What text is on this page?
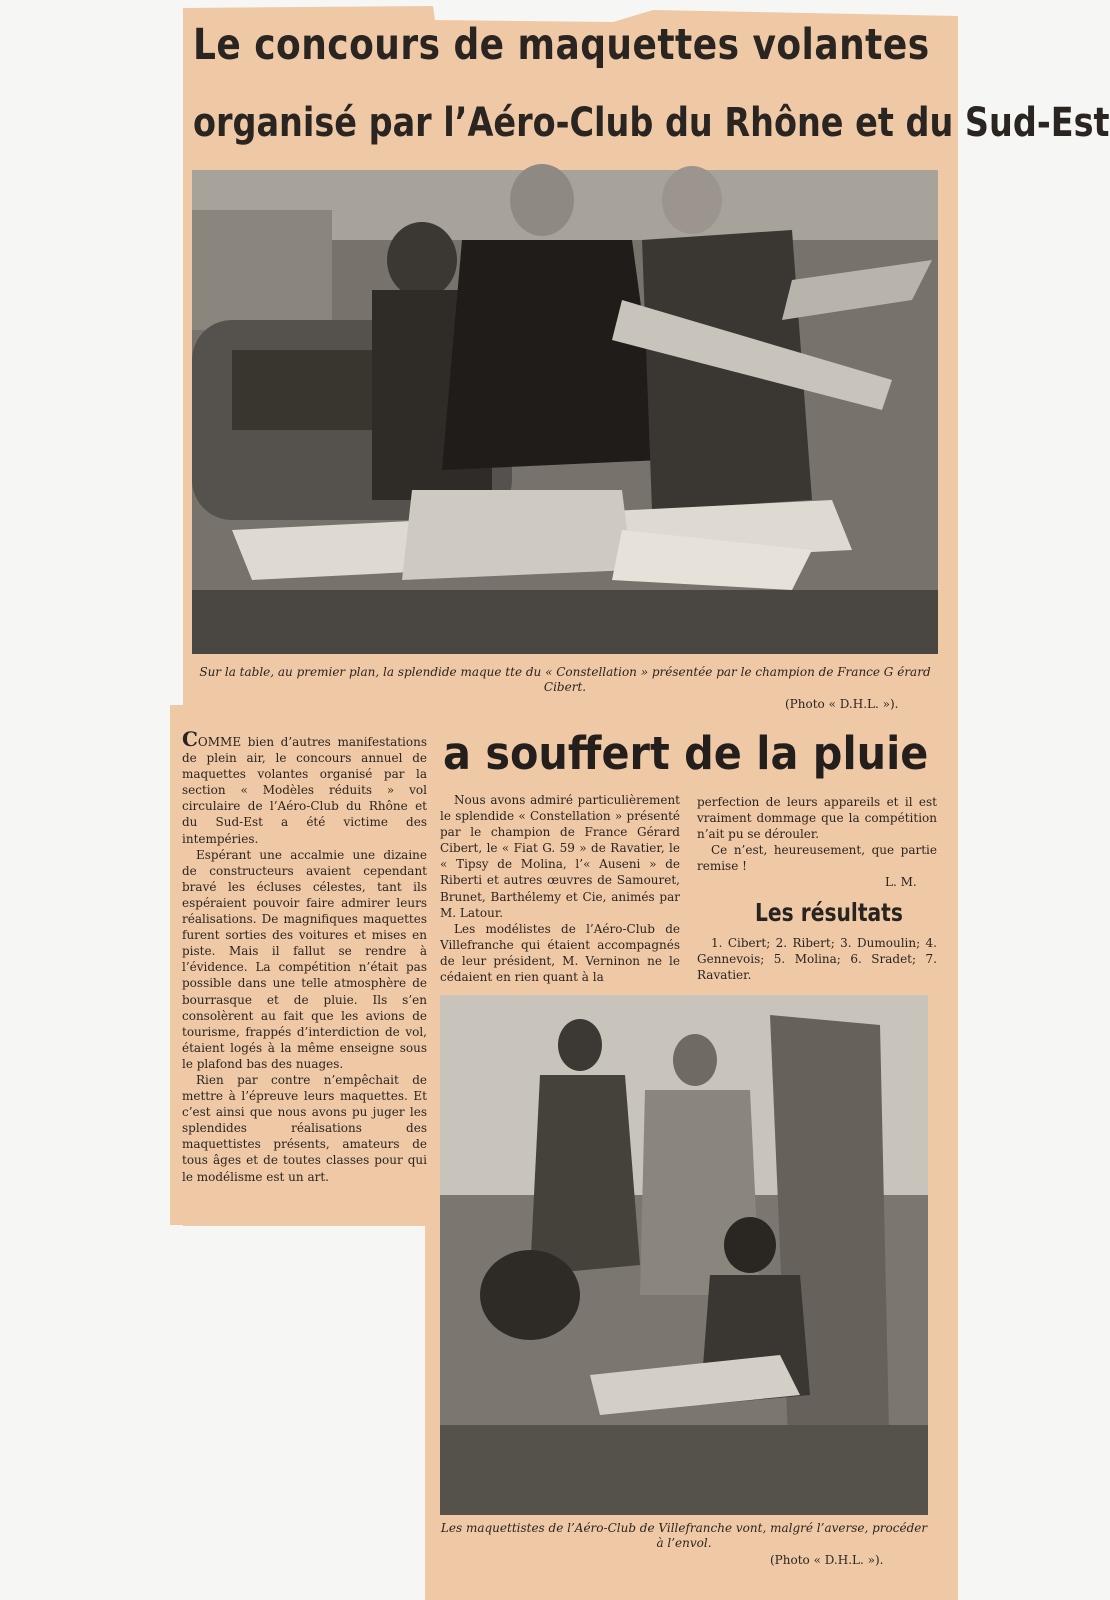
Le concours de maquettes volantes
organisé par l’Aéro-Club du Rhône et du Sud-Est
Sur la table, au premier plan, la splendide maque tte du « Constellation » présentée par le champion de France G érard Cibert.
(Photo « D.H.L. »).
a souffert de la pluie

COMME bien d’autres manifestations de plein air, le concours annuel de maquettes volantes organisé par la section « Modèles réduits » vol circulaire de l’Aéro-Club du Rhône et du Sud-Est a été victime des intempéries.

Espérant une accalmie une dizaine de constructeurs avaient cependant bravé les écluses célestes, tant ils espéraient pouvoir faire admirer leurs réalisations. De magnifiques maquettes furent sorties des voitures et mises en piste. Mais il fallut se rendre à l’évidence. La compétition n’était pas possible dans une telle atmosphère de bourrasque et de pluie. Ils s’en consolèrent au fait que les avions de tourisme, frappés d’interdiction de vol, étaient logés à la même enseigne sous le plafond bas des nuages.

Rien par contre n’empêchait de mettre à l’épreuve leurs maquettes. Et c’est ainsi que nous avons pu juger les splendides réalisations des maquettistes présents, amateurs de tous âges et de toutes classes pour qui le modélisme est un art.

Nous avons admiré particulièrement le splendide « Constellation » présenté par le champion de France Gérard Cibert, le « Fiat G. 59 » de Ravatier, le « Tipsy de Molina, l’« Auseni » de Riberti et autres œuvres de Samouret, Brunet, Barthélemy et Cie, animés par M. Latour.

Les modélistes de l’Aéro-Club de Villefranche qui étaient accompagnés de leur président, M. Verninon ne le cédaient en rien quant à la

perfection de leurs appareils et il est vraiment dommage que la compétition n’ait pu se dérouler.

Ce n’est, heureusement, que partie remise !

L. M.
Les résultats

1. Cibert; 2. Ribert; 3. Dumoulin; 4. Gennevois; 5. Molina; 6. Sradet; 7. Ravatier.

Les maquettistes de l’Aéro-Club de Villefranche vont, malgré l’averse, procéder à l’envol.
(Photo « D.H.L. »).
